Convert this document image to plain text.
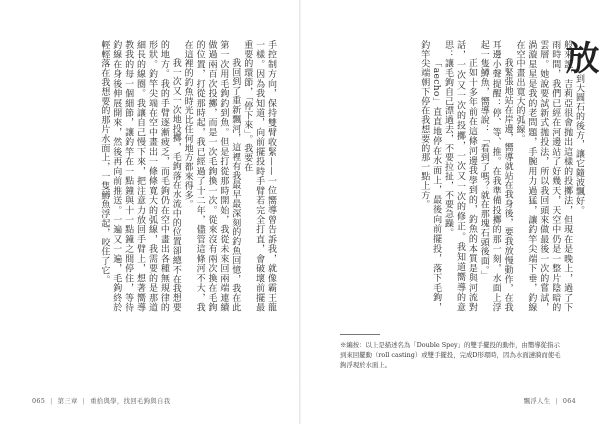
手控制方向，保持雙臂收緊——一位嚮導曾告訴我，就像霸王龍一樣。因為我知道，向前擺投時手臂若完全打直，會破壞前擺最重要的環節，「停下來」。我要在

我回到了重新飄河，這裡有我最早最深刻的釣魚回憶，我在此第一次用毛鉤釣到魚。但是打從那時開始，我從未來回兩端連續做過兩百次投擲，而是一次毛鉤換一次。從來沒有兩次換在毛鉤的位置，打從那時起，我已經過了十二年，儘管這條河不大，我在這裡的釣魚時光比任何地方都來得多。

我一次又一次地投擲，毛鉤落在水流中的位置卻總不在我想要的地方。我的手臂逐漸疲乏，而毛鉤仍在空中畫出各種無規律的形狀。釣竿尖端在空中畫出一條條寬大的弧線，我需要的是那道細長的線圈。我讓自己慢下來，把注意力放回手臂上，想著嚮導教我的每一個細節，讓釣竿在一點鐘與十一點鐘之間停住，等待釣線在身後伸展開來，然後再向前推送。一遍又一遍，毛鉤終於輕輕落在我想要的那片水面上，一隻鱒魚浮起，咬住了它。	放到大圓石的後方，讓它隨波飄好。

般來說，吉莉亞很會抛出這樣的投擲法，但現在是晚上，過了下雨時間，我們已經在河邊站了好幾天，天空中仍是一整片陰暗的雲層。她說要試新式拋投法，所以我回頭來做最後一次的嘗試，渦漩星星是我的老問題，手腕用力過猛，讓釣竿尖端下垂，釣線在空中畫出寬大的弧線。

我緊張地站在岸邊，嚮導就站在我身後，要我放慢動作，在我耳邊小聲提醒：停、等、推。在我準備投擲的那一刻，水面上浮起一隻鱒魚，嚮導說：「看到了嗎？就在那塊石頭後面。」

正如十多年前在這條河邊我學到的，釣魚的本質是與河流對話，一次又一次的投擲，一次又一次的修正。我知道嚮導的意思：讓毛鉤自己漂過去，不要拉扯，不要急躁。

「aecho」直直地停在水面上，最後向前擺投，落下毛鉤，釣竿尖端朝下停在我想要的那一點上方。

※編按：以上是描述名為「Double Spey」的雙手擺投的動作，由嚮導從指示到來回擺動（roll casting）或雙手擺投，完成D形環時，因為水面漣漪而使毛鉤浮現於水面上。
065 | 第三章 | 重拾與學，找回毛鉤與自我	飄浮人生 | 064
